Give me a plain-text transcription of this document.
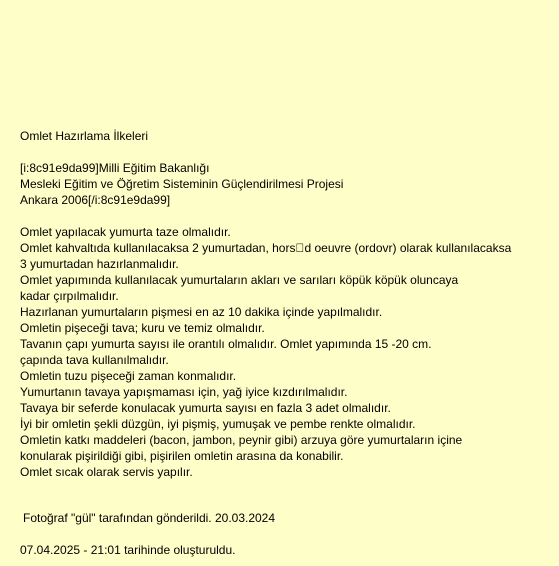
Omlet Hazırlama İlkeleri
[i:8c91e9da99]Milli Eğitim Bakanlığı
Mesleki Eğitim ve Öğretim Sisteminin Güçlendirilmesi Projesi
Ankara 2006[/i:8c91e9da99]
Omlet yapılacak yumurta taze olmalıdır.
Omlet kahvaltıda kullanılacaksa 2 yumurtadan, hors d oeuvre (ordovr) olarak kullanılacaksa
3 yumurtadan hazırlanmalıdır.
Omlet yapımında kullanılacak yumurtaların akları ve sarıları köpük köpük oluncaya
kadar çırpılmalıdır.
Hazırlanan yumurtaların pişmesi en az 10 dakika içinde yapılmalıdır.
Omletin pişeceği tava; kuru ve temiz olmalıdır.
Tavanın çapı yumurta sayısı ile orantılı olmalıdır. Omlet yapımında 15 -20 cm.
çapında tava kullanılmalıdır.
Omletin tuzu pişeceği zaman konmalıdır.
Yumurtanın tavaya yapışmaması için, yağ iyice kızdırılmalıdır.
Tavaya bir seferde konulacak yumurta sayısı en fazla 3 adet olmalıdır.
İyi bir omletin şekli düzgün, iyi pişmiş, yumuşak ve pembe renkte olmalıdır.
Omletin katkı maddeleri (bacon, jambon, peynir gibi) arzuya göre yumurtaların içine
konularak pişirildiği gibi, pişirilen omletin arasına da konabilir.
Omlet sıcak olarak servis yapılır.
Fotoğraf "gül" tarafından gönderildi. 20.03.2024
07.04.2025 - 21:01 tarihinde oluşturuldu.
